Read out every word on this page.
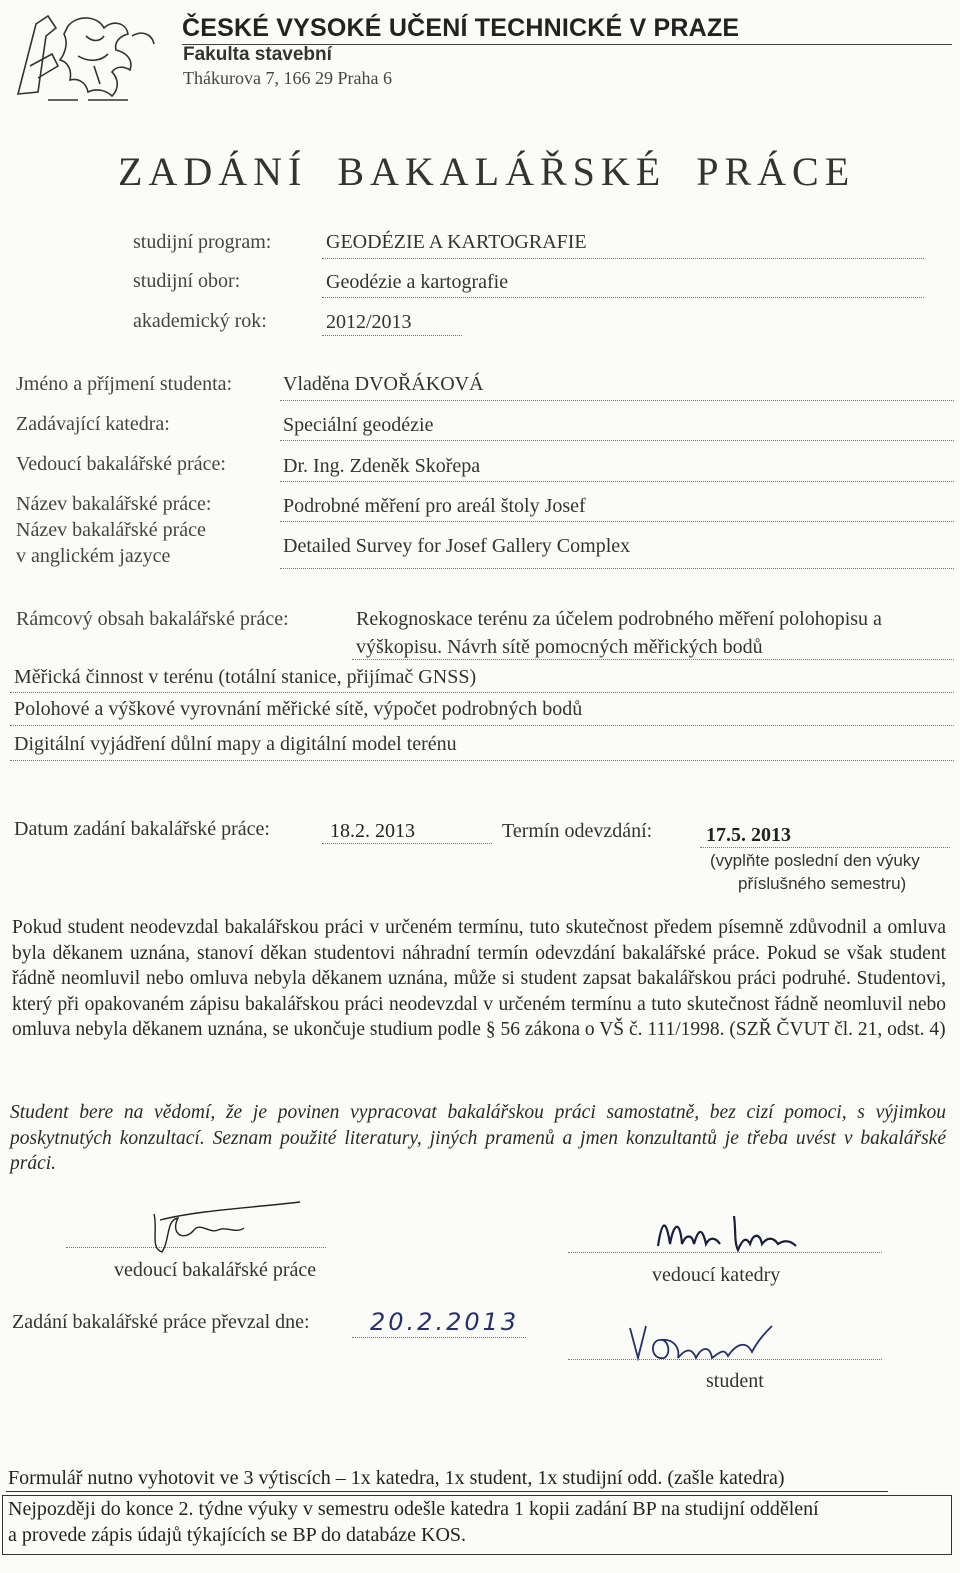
ČESKÉ VYSOKÉ UČENÍ TECHNICKÉ V PRAZE
Fakulta stavební
Thákurova 7, 166 29 Praha 6
ZADÁNÍ BAKALÁŘSKÉ PRÁCE
studijní program:	GEODÉZIE A KARTOGRAFIE
studijní obor:	Geodézie a kartografie
akademický rok:	2012/2013
Jméno a příjmení studenta:	Vladěna DVOŘÁKOVÁ
Zadávající katedra:	Speciální geodézie
Vedoucí bakalářské práce:	Dr. Ing. Zdeněk Skořepa
Název bakalářské práce:	Podrobné měření pro areál štoly Josef
Název bakalářské práce
v anglickém jazyce	Detailed Survey for Josef Gallery Complex
Rámcový obsah bakalářské práce:	Rekognoskace terénu za účelem podrobného měření polohopisu a
výškopisu. Návrh sítě pomocných měřických bodů
Měřická činnost v terénu (totální stanice, přijímač GNSS)
Polohové a výškové vyrovnání měřické sítě, výpočet podrobných bodů
Digitální vyjádření důlní mapy a digitální model terénu
Datum zadání bakalářské práce:	18.2. 2013	Termín odevzdání:	17.5. 2013
(vyplňte poslední den výuky
příslušného semestru)
Pokud student neodevzdal bakalářskou práci v určeném termínu, tuto skutečnost předem písemně zdůvodnil a omluva byla děkanem uznána, stanoví děkan studentovi náhradní termín odevzdání bakalářské práce. Pokud se však student řádně neomluvil nebo omluva nebyla děkanem uznána, může si student zapsat bakalářskou práci podruhé. Studentovi, který při opakovaném zápisu bakalářskou práci neodevzdal v určeném termínu a tuto skutečnost řádně neomluvil nebo omluva nebyla děkanem uznána, se ukončuje studium podle § 56 zákona o VŠ č. 111/1998. (SZŘ ČVUT čl. 21, odst. 4)
Student bere na vědomí, že je povinen vypracovat bakalářskou práci samostatně, bez cizí pomoci, s výjimkou poskytnutých konzultací. Seznam použité literatury, jiných pramenů a jmen konzultantů je třeba uvést v bakalářské práci.
vedoucí bakalářské práce	vedoucí katedry
Zadání bakalářské práce převzal dne:	20.2.2013
student
Formulář nutno vyhotovit ve 3 výtiscích – 1x katedra, 1x student, 1x studijní odd. (zašle katedra)
Nejpozději do konce 2. týdne výuky v semestru odešle katedra 1 kopii zadání BP na studijní oddělení
a provede zápis údajů týkajících se BP do databáze KOS.
